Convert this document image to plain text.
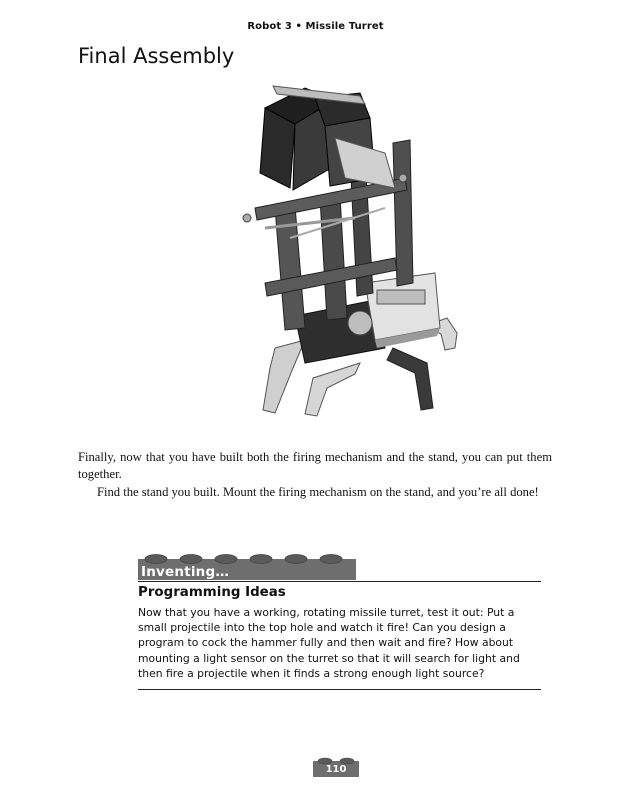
Robot 3 • Missile Turret
Final Assembly

Finally, now that you have built both the firing mechanism and the stand, you can put them together.

Find the stand you built. Mount the firing mechanism on the stand, and you’re all done!

Inventing…
Programming Ideas

Now that you have a working, rotating missile turret, test it out: Put a small projectile into the top hole and watch it fire! Can you design a program to cock the hammer fully and then wait and fire? How about mounting a light sensor on the turret so that it will search for light and then fire a projectile when it finds a strong enough light source?

110
